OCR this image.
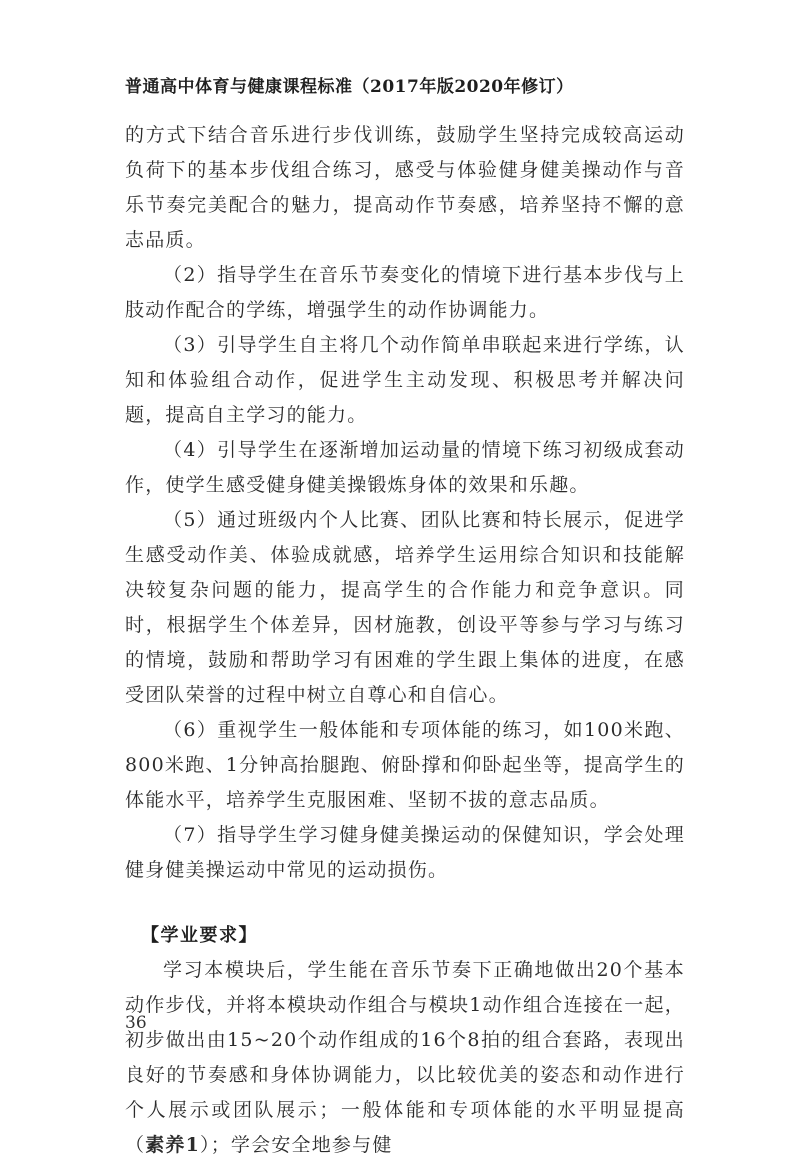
普通高中体育与健康课程标准（2017年版2020年修订）

的方式下结合音乐进行步伐训练，鼓励学生坚持完成较高运动负荷下的基本步伐组合练习，感受与体验健身健美操动作与音乐节奏完美配合的魅力，提高动作节奏感，培养坚持不懈的意志品质。

（2）指导学生在音乐节奏变化的情境下进行基本步伐与上肢动作配合的学练，增强学生的动作协调能力。

（3）引导学生自主将几个动作简单串联起来进行学练，认知和体验组合动作，促进学生主动发现、积极思考并解决问题，提高自主学习的能力。

（4）引导学生在逐渐增加运动量的情境下练习初级成套动作，使学生感受健身健美操锻炼身体的效果和乐趣。

（5）通过班级内个人比赛、团队比赛和特长展示，促进学生感受动作美、体验成就感，培养学生运用综合知识和技能解决较复杂问题的能力，提高学生的合作能力和竞争意识。同时，根据学生个体差异，因材施教，创设平等参与学习与练习的情境，鼓励和帮助学习有困难的学生跟上集体的进度，在感受团队荣誉的过程中树立自尊心和自信心。

（6）重视学生一般体能和专项体能的练习，如100米跑、800米跑、1分钟高抬腿跑、俯卧撑和仰卧起坐等，提高学生的体能水平，培养学生克服困难、坚韧不拔的意志品质。

（7）指导学生学习健身健美操运动的保健知识，学会处理健身健美操运动中常见的运动损伤。

【学业要求】

学习本模块后，学生能在音乐节奏下正确地做出20个基本动作步伐，并将本模块动作组合与模块1动作组合连接在一起，初步做出由15~20个动作组成的16个8拍的组合套路，表现出良好的节奏感和身体协调能力，以比较优美的姿态和动作进行个人展示或团队展示；一般体能和专项体能的水平明显提高（素养1）；学会安全地参与健

36
